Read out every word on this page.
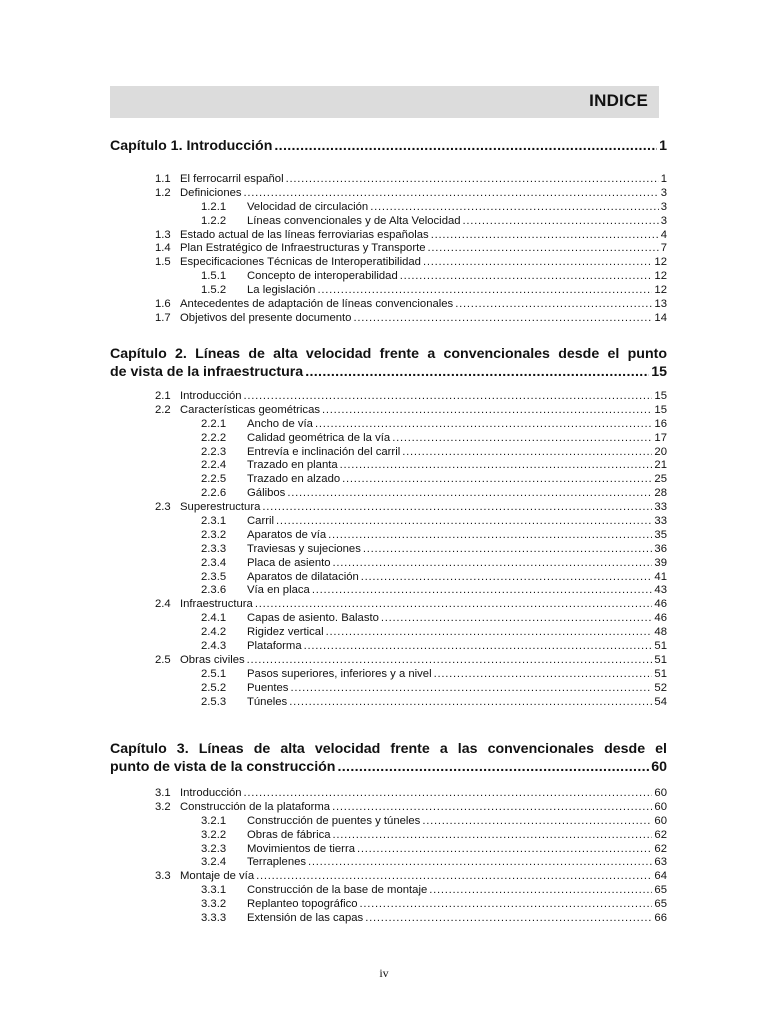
INDICE
Capítulo 1. Introducción . . .	1
1.1 El ferrocarril español . . .	1
1.2 Definiciones . . .	3
1.2.1	Velocidad de circulación . . .	3
1.2.2	Líneas convencionales y de Alta Velocidad . . .	3
1.3 Estado actual de las líneas ferroviarias españolas . . .	4
1.4 Plan Estratégico de Infraestructuras y Transporte . . .	7
1.5 Especificaciones Técnicas de Interoperatibilidad . . .	12
1.5.1	Concepto de interoperabilidad . . .	12
1.5.2	La legislación . . .	12
1.6 Antecedentes de adaptación de líneas convencionales . . .	13
1.7 Objetivos del presente documento . . .	14
Capítulo 2. Líneas de alta velocidad frente a convencionales desde el punto
de vista de la infraestructura . . .	15
2.1 Introducción . . .	15
2.2 Características geométricas . . .	15
2.2.1	Ancho de vía . . .	16
2.2.2	Calidad geométrica de la vía . . .	17
2.2.3	Entrevía e inclinación del carril . . .	20
2.2.4	Trazado en planta . . .	21
2.2.5	Trazado en alzado . . .	25
2.2.6	Gálibos . . .	28
2.3 Superestructura . . .	33
2.3.1	Carril . . .	33
2.3.2	Aparatos de vía . . .	35
2.3.3	Traviesas y sujeciones . . .	36
2.3.4	Placa de asiento . . .	39
2.3.5	Aparatos de dilatación . . .	41
2.3.6	Vía en placa . . .	43
2.4 Infraestructura . . .	46
2.4.1	Capas de asiento. Balasto . . .	46
2.4.2	Rigidez vertical . . .	48
2.4.3	Plataforma . . .	51
2.5 Obras civiles . . .	51
2.5.1	Pasos superiores, inferiores y a nivel . . .	51
2.5.2	Puentes . . .	52
2.5.3	Túneles . . .	54
Capítulo 3. Líneas de alta velocidad frente a las convencionales desde el
punto de vista de la construcción . . .	60
3.1 Introducción . . .	60
3.2 Construcción de la plataforma . . .	60
3.2.1	Construcción de puentes y túneles . . .	60
3.2.2	Obras de fábrica . . .	62
3.2.3	Movimientos de tierra . . .	62
3.2.4	Terraplenes . . .	63
3.3 Montaje de vía . . .	64
3.3.1	Construcción de la base de montaje . . .	65
3.3.2	Replanteo topográfico . . .	65
3.3.3	Extensión de las capas . . .	66
iv
